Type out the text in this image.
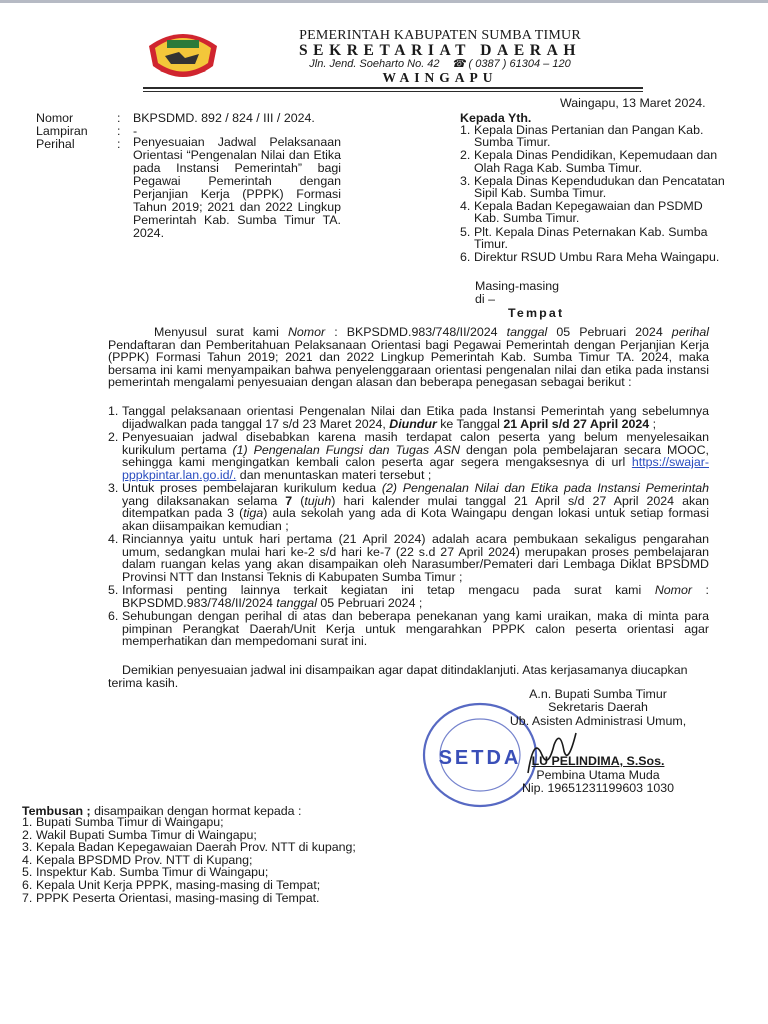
PEMERINTAH KABUPATEN SUMBA TIMUR
SEKRETARIAT DAERAH
Jln. Jend. Soeharto No. 42 ☎ ( 0387 ) 61304 – 120
WAINGAPU
Waingapu, 13 Maret 2024.
Nomor	: BKPSDMD. 892 / 824 / III / 2024.
Lampiran	: -
Perihal	: Penyesuaian Jadwal Pelaksanaan Orientasi “Pengenalan Nilai dan Etika pada Instansi Pemerintah” bagi Pegawai Pemerintah dengan Perjanjian Kerja (PPPK) Formasi Tahun 2019; 2021 dan 2022 Lingkup Pemerintah Kab. Sumba Timur TA. 2024.
Kepada Yth.
1. Kepala Dinas Pertanian dan Pangan Kab. Sumba Timur.
2. Kepala Dinas Pendidikan, Kepemudaan dan Olah Raga Kab. Sumba Timur.
3. Kepala Dinas Kependudukan dan Pencatatan Sipil Kab. Sumba Timur.
4. Kepala Badan Kepegawaian dan PSDMD Kab. Sumba Timur.
5. Plt. Kepala Dinas Peternakan Kab. Sumba Timur.
6. Direktur RSUD Umbu Rara Meha Waingapu.
Masing-masing
di –
Tempat
Menyusul surat kami Nomor : BKPSDMD.983/748/II/2024 tanggal 05 Pebruari 2024 perihal Pendaftaran dan Pemberitahuan Pelaksanaan Orientasi bagi Pegawai Pemerintah dengan Perjanjian Kerja (PPPK) Formasi Tahun 2019; 2021 dan 2022 Lingkup Pemerintah Kab. Sumba Timur TA. 2024, maka bersama ini kami menyampaikan bahwa penyelenggaraan orientasi pengenalan nilai dan etika pada instansi pemerintah mengalami penyesuaian dengan alasan dan beberapa penegasan sebagai berikut :
1. Tanggal pelaksanaan orientasi Pengenalan Nilai dan Etika pada Instansi Pemerintah yang sebelumnya dijadwalkan pada tanggal 17 s/d 23 Maret 2024, Diundur ke Tanggal 21 April s/d 27 April 2024 ;
2. Penyesuaian jadwal disebabkan karena masih terdapat calon peserta yang belum menyelesaikan kurikulum pertama (1) Pengenalan Fungsi dan Tugas ASN dengan pola pembelajaran secara MOOC, sehingga kami mengingatkan kembali calon peserta agar segera mengaksesnya di url https://swajar-pppkpintar.lan.go.id/. dan menuntaskan materi tersebut ;
3. Untuk proses pembelajaran kurikulum kedua (2) Pengenalan Nilai dan Etika pada Instansi Pemerintah yang dilaksanakan selama 7 (tujuh) hari kalender mulai tanggal 21 April s/d 27 April 2024 akan ditempatkan pada 3 (tiga) aula sekolah yang ada di Kota Waingapu dengan lokasi untuk setiap formasi akan diisampaikan kemudian ;
4. Rinciannya yaitu untuk hari pertama (21 April 2024) adalah acara pembukaan sekaligus pengarahan umum, sedangkan mulai hari ke-2 s/d hari ke-7 (22 s.d 27 April 2024) merupakan proses pembelajaran dalam ruangan kelas yang akan disampaikan oleh Narasumber/Pemateri dari Lembaga Diklat BPSDMD Provinsi NTT dan Instansi Teknis di Kabupaten Sumba Timur ;
5. Informasi penting lainnya terkait kegiatan ini tetap mengacu pada surat kami Nomor : BKPSDMD.983/748/II/2024 tanggal 05 Pebruari 2024 ;
6. Sehubungan dengan perihal di atas dan beberapa penekanan yang kami uraikan, maka di minta para pimpinan Perangkat Daerah/Unit Kerja untuk mengarahkan PPPK calon peserta orientasi agar memperhatikan dan mempedomani surat ini.
Demikian penyesuaian jadwal ini disampaikan agar dapat ditindaklanjuti. Atas kerjasamanya diucapkan terima kasih.
SETDA
A.n. Bupati Sumba Timur
Sekretaris Daerah
Ub. Asisten Administrasi Umum,
LU PELINDIMA, S.Sos.
Pembina Utama Muda
Nip. 19651231199603 1030
Tembusan ; disampaikan dengan hormat kepada :
1. Bupati Sumba Timur di Waingapu;
2. Wakil Bupati Sumba Timur di Waingapu;
3. Kepala Badan Kepegawaian Daerah Prov. NTT di kupang;
4. Kepala BPSDMD Prov. NTT di Kupang;
5. Inspektur Kab. Sumba Timur di Waingapu;
6. Kepala Unit Kerja PPPK, masing-masing di Tempat;
7. PPPK Peserta Orientasi, masing-masing di Tempat.
